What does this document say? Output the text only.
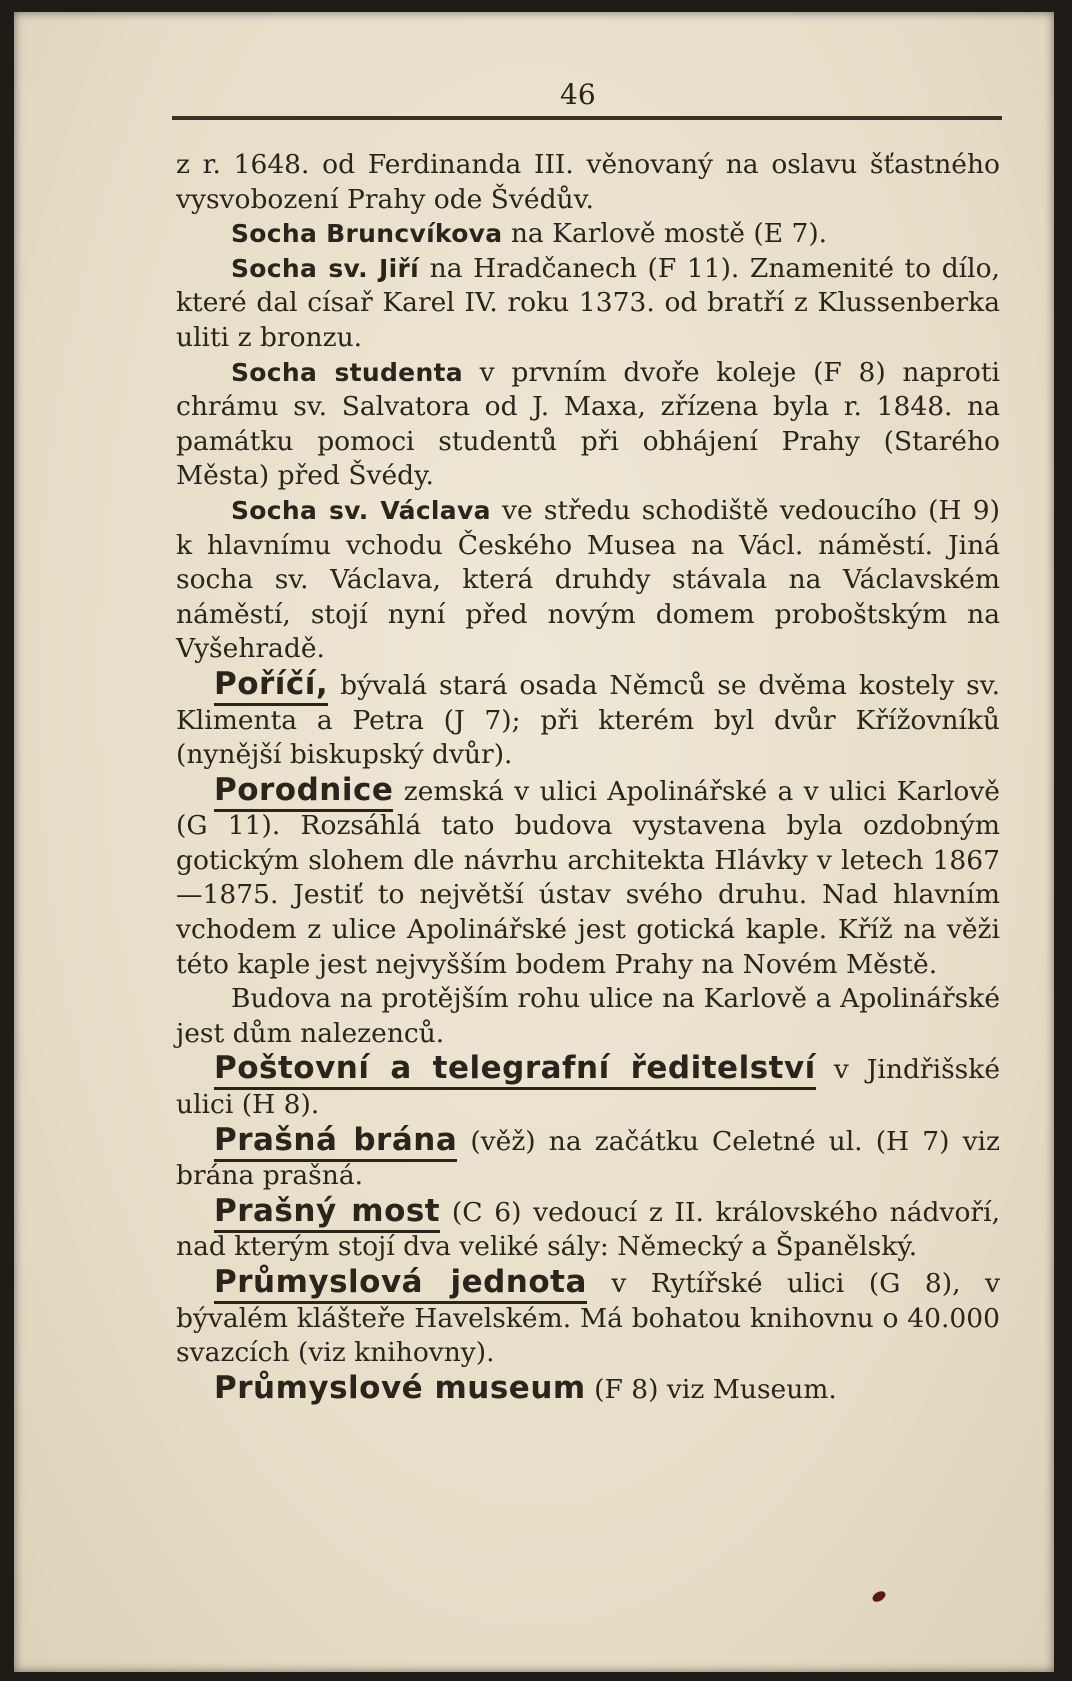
46

z r. 1648. od Ferdinanda III. věnovaný na oslavu šťastného vysvobození Prahy ode Švédův.

Socha Bruncvíkova na Karlově mostě (E 7).

Socha sv. Jiří na Hradčanech (F 11). Znamenité to dílo, které dal císař Karel IV. roku 1373. od bratří z Klussenberka uliti z bronzu.

Socha studenta v prvním dvoře koleje (F 8) naproti chrámu sv. Salvatora od J. Maxa, zřízena byla r. 1848. na památku pomoci studentů při obhájení Prahy (Starého Města) před Švédy.

Socha sv. Václava ve středu schodiště vedoucího (H 9) k hlavnímu vchodu Českého Musea na Václ. náměstí. Jiná socha sv. Václava, která druhdy stávala na Václavském náměstí, stojí nyní před novým domem proboštským na Vyšehradě.

Poříčí, bývalá stará osada Němců se dvěma kostely sv. Klimenta a Petra (J 7); při kterém byl dvůr Křížovníků (nynější biskupský dvůr).

Porodnice zemská v ulici Apolinářské a v ulici Karlově (G 11). Rozsáhlá tato budova vystavena byla ozdobným gotickým slohem dle návrhu architekta Hlávky v letech 1867—1875. Jestiť to největší ústav svého druhu. Nad hlavním vchodem z ulice Apolinářské jest gotická kaple. Kříž na věži této kaple jest nejvyšším bodem Prahy na Novém Městě.

Budova na protějším rohu ulice na Karlově a Apolinářské jest dům nalezenců.

Poštovní a telegrafní ředitelství v Jindřišské ulici (H 8).

Prašná brána (věž) na začátku Celetné ul. (H 7) viz brána prašná.

Prašný most (C 6) vedoucí z II. královského nádvoří, nad kterým stojí dva veliké sály: Německý a Španělský.

Průmyslová jednota v Rytířské ulici (G 8), v bývalém klášteře Havelském. Má bohatou knihovnu o 40.000 svazcích (viz knihovny).

Průmyslové museum (F 8) viz Museum.
